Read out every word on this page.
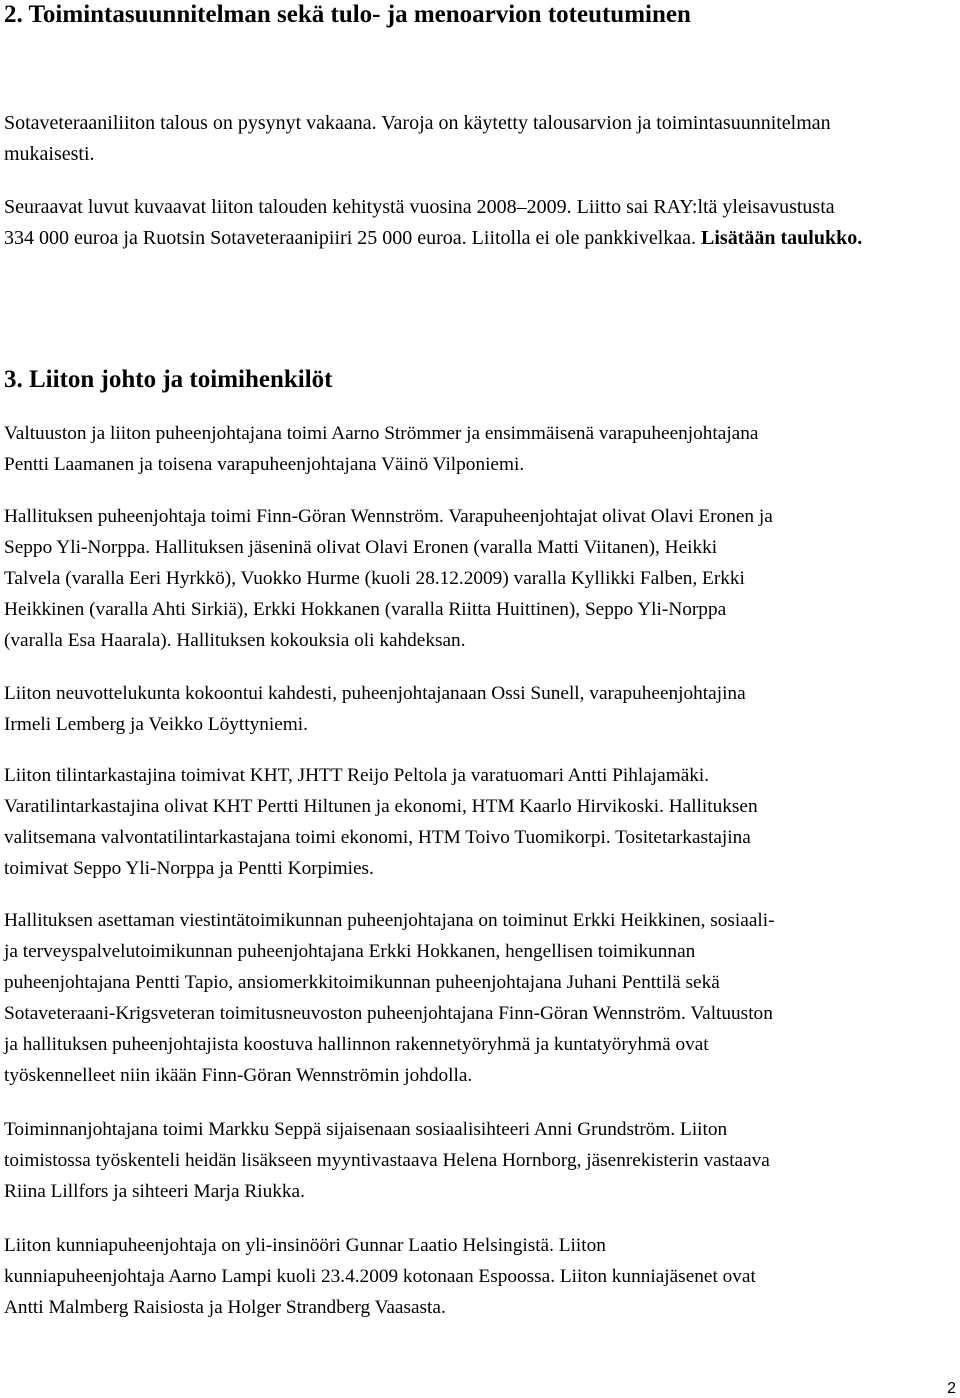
2. Toimintasuunnitelman sekä tulo- ja menoarvion toteutuminen

Sotaveteraaniliiton talous on pysynyt vakaana. Varoja on käytetty talousarvion ja toimintasuunnitelman mukaisesti.

Seuraavat luvut kuvaavat liiton talouden kehitystä vuosina 2008–2009. Liitto sai RAY:ltä yleisavustusta 334 000 euroa ja Ruotsin Sotaveteraanipiiri 25 000 euroa. Liitolla ei ole pankkivelkaa. Lisätään taulukko.

3. Liiton johto ja toimihenkilöt

Valtuuston ja liiton puheenjohtajana toimi Aarno Strömmer ja ensimmäisenä varapuheenjohtajana
Pentti Laamanen ja toisena varapuheenjohtajana Väinö Vilponiemi.

Hallituksen puheenjohtaja toimi Finn-Göran Wennström. Varapuheenjohtajat olivat Olavi Eronen ja
Seppo Yli-Norppa. Hallituksen jäseninä olivat Olavi Eronen (varalla Matti Viitanen), Heikki
Talvela (varalla Eeri Hyrkkö), Vuokko Hurme (kuoli 28.12.2009) varalla Kyllikki Falben, Erkki
Heikkinen (varalla Ahti Sirkiä), Erkki Hokkanen (varalla Riitta Huittinen), Seppo Yli-Norppa
(varalla Esa Haarala). Hallituksen kokouksia oli kahdeksan.

Liiton neuvottelukunta kokoontui kahdesti, puheenjohtajanaan Ossi Sunell, varapuheenjohtajina
Irmeli Lemberg ja Veikko Löyttyniemi.

Liiton tilintarkastajina toimivat KHT, JHTT Reijo Peltola ja varatuomari Antti Pihlajamäki.
Varatilintarkastajina olivat KHT Pertti Hiltunen ja ekonomi, HTM Kaarlo Hirvikoski. Hallituksen
valitsemana valvontatilintarkastajana toimi ekonomi, HTM Toivo Tuomikorpi. Tositetarkastajina
toimivat Seppo Yli-Norppa ja Pentti Korpimies.

Hallituksen asettaman viestintätoimikunnan puheenjohtajana on toiminut Erkki Heikkinen, sosiaali-
ja terveyspalvelutoimikunnan puheenjohtajana Erkki Hokkanen, hengellisen toimikunnan
puheenjohtajana Pentti Tapio, ansiomerkkitoimikunnan puheenjohtajana Juhani Penttilä sekä
Sotaveteraani-Krigsveteran toimitusneuvoston puheenjohtajana Finn-Göran Wennström. Valtuuston
ja hallituksen puheenjohtajista koostuva hallinnon rakennetyöryhmä ja kuntatyöryhmä ovat
työskennelleet niin ikään Finn-Göran Wennströmin johdolla.

Toiminnanjohtajana toimi Markku Seppä sijaisenaan sosiaalisihteeri Anni Grundström. Liiton
toimistossa työskenteli heidän lisäkseen myyntivastaava Helena Hornborg, jäsenrekisterin vastaava
Riina Lillfors ja sihteeri Marja Riukka.

Liiton kunniapuheenjohtaja on yli-insinööri Gunnar Laatio Helsingistä. Liiton
kunniapuheenjohtaja Aarno Lampi kuoli 23.4.2009 kotonaan Espoossa. Liiton kunniajäsenet ovat
Antti Malmberg Raisiosta ja Holger Strandberg Vaasasta.

2
